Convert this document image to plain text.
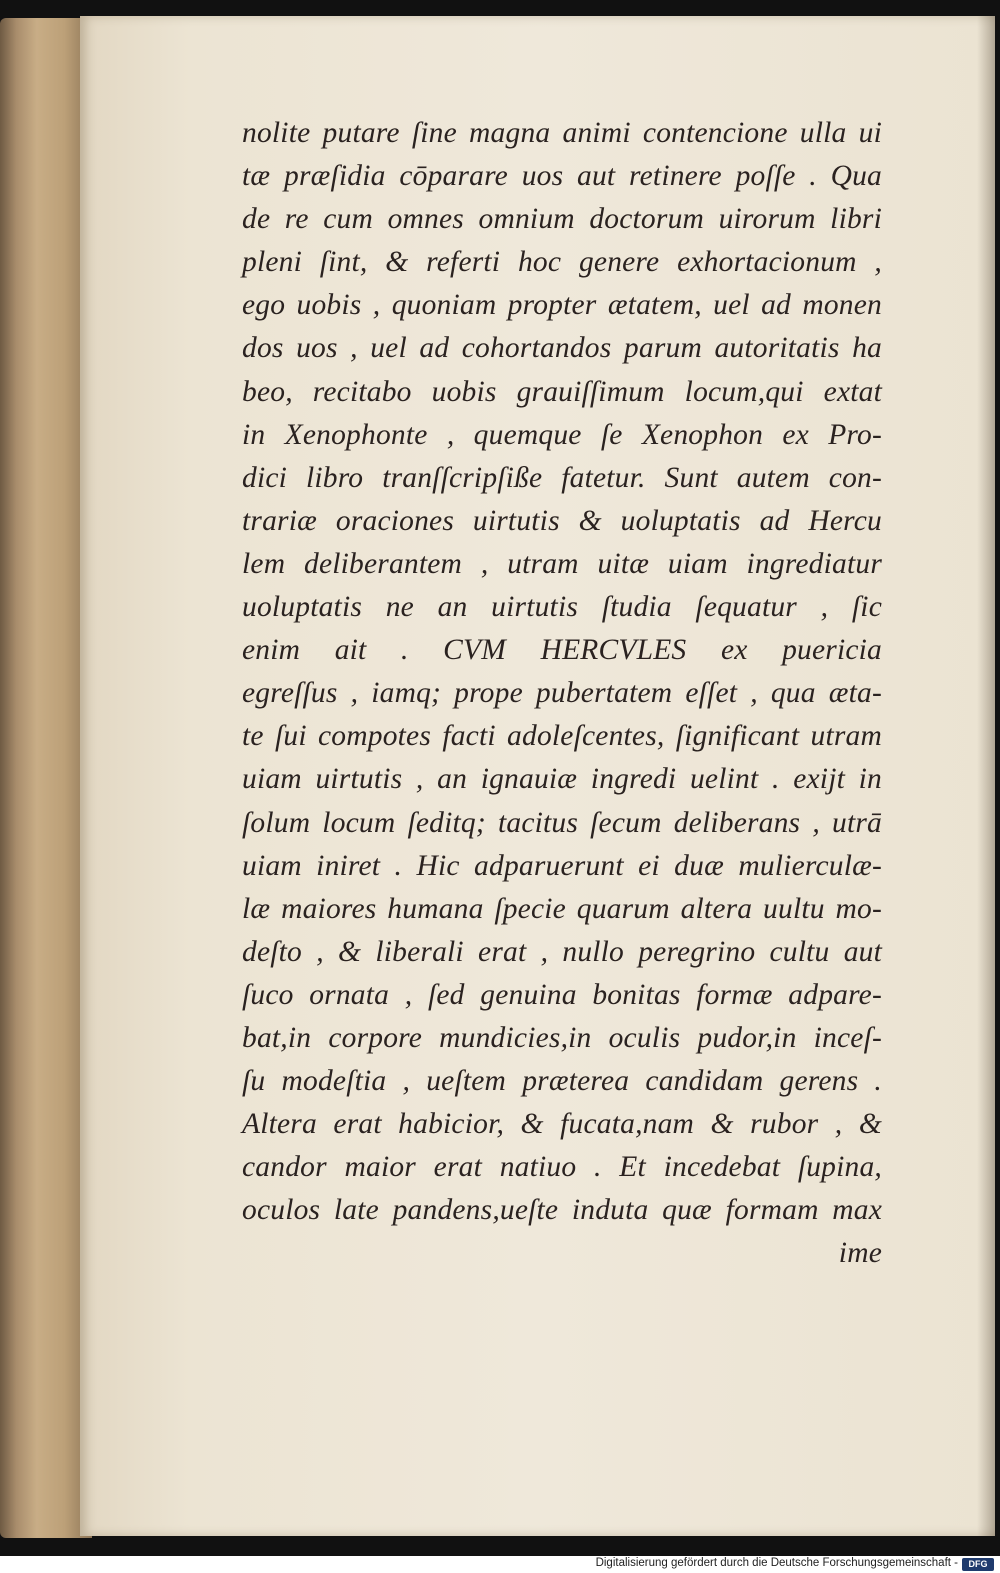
nolite putare ſine magna animi contencione ulla ui
tæ præſidia cōparare uos aut retinere poſſe . Qua
de re cum omnes omnium doctorum uirorum libri
pleni ſint, & referti hoc genere exhortacionum ,
ego uobis , quoniam propter ætatem, uel ad monen
dos uos , uel ad cohortandos parum autoritatis ha
beo, recitabo uobis grauiſſimum locum,qui extat
in Xenophonte , quemque ſe Xenophon ex Pro-
dici libro tranſſcripſiße fatetur. Sunt autem con-
trariæ oraciones uirtutis & uoluptatis ad Hercu
lem deliberantem , utram uitæ uiam ingrediatur
uoluptatis ne an uirtutis ſtudia ſequatur , ſic
enim ait . CVM HERCVLES ex puericia
egreſſus , iamq; prope pubertatem eſſet , qua æta-
te ſui compotes facti adoleſcentes, ſignificant utram
uiam uirtutis , an ignauiæ ingredi uelint . exijt in
ſolum locum ſeditq; tacitus ſecum deliberans , utrā
uiam iniret . Hic adparuerunt ei duæ mulierculæ-
læ maiores humana ſpecie quarum altera uultu mo-
deſto , & liberali erat , nullo peregrino cultu aut
ſuco ornata , ſed genuina bonitas formæ adpare-
bat,in corpore mundicies,in oculis pudor,in inceſ-
ſu modeſtia , ueſtem præterea candidam gerens .
Altera erat habicior, & fucata,nam & rubor , &
candor maior erat natiuo . Et incedebat ſupina,
oculos late pandens,ueſte induta quæ formam max
ime
Digitalisierung gefördert durch die Deutsche Forschungsgemeinschaft -	DFG
